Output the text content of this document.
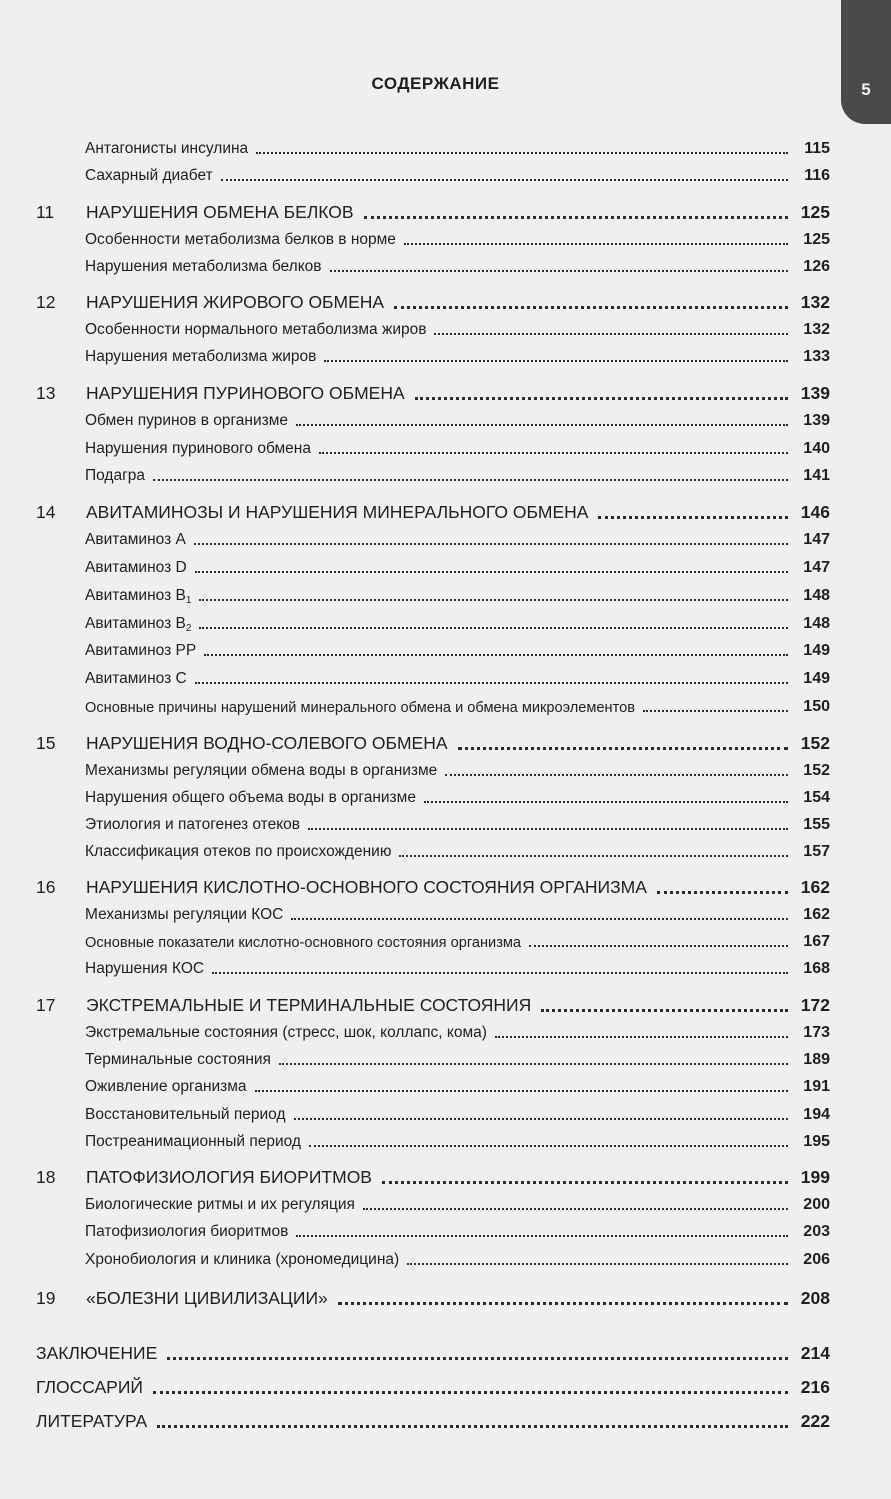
5
СОДЕРЖАНИЕ
Антагонисты инсулина	115
Сахарный диабет	116
11	НАРУШЕНИЯ ОБМЕНА БЕЛКОВ	125
Особенности метаболизма белков в норме	125
Нарушения метаболизма белков	126
12	НАРУШЕНИЯ ЖИРОВОГО ОБМЕНА	132
Особенности нормального метаболизма жиров	132
Нарушения метаболизма жиров	133
13	НАРУШЕНИЯ ПУРИНОВОГО ОБМЕНА	139
Обмен пуринов в организме	139
Нарушения пуринового обмена	140
Подагра	141
14	АВИТАМИНОЗЫ И НАРУШЕНИЯ МИНЕРАЛЬНОГО ОБМЕНА	146
Авитаминоз A	147
Авитаминоз D	147
Авитаминоз $B_1$	148
Авитаминоз $B_2$	148
Авитаминоз PP	149
Авитаминоз C	149
Основные причины нарушений минерального обмена и обмена микроэлементов	150
15	НАРУШЕНИЯ ВОДНО-СОЛЕВОГО ОБМЕНА	152
Механизмы регуляции обмена воды в организме	152
Нарушения общего объема воды в организме	154
Этиология и патогенез отеков	155
Классификация отеков по происхождению	157
16	НАРУШЕНИЯ КИСЛОТНО-ОСНОВНОГО СОСТОЯНИЯ ОРГАНИЗМА	162
Механизмы регуляции КОС	162
Основные показатели кислотно-основного состояния организма	167
Нарушения КОС	168
17	ЭКСТРЕМАЛЬНЫЕ И ТЕРМИНАЛЬНЫЕ СОСТОЯНИЯ	172
Экстремальные состояния (стресс, шок, коллапс, кома)	173
Терминальные состояния	189
Оживление организма	191
Восстановительный период	194
Постреанимационный период	195
18	ПАТОФИЗИОЛОГИЯ БИОРИТМОВ	199
Биологические ритмы и их регуляция	200
Патофизиология биоритмов	203
Хронобиология и клиника (хрономедицина)	206
19	«БОЛЕЗНИ ЦИВИЛИЗАЦИИ»	208
ЗАКЛЮЧЕНИЕ	214
ГЛОССАРИЙ	216
ЛИТЕРАТУРА	222
